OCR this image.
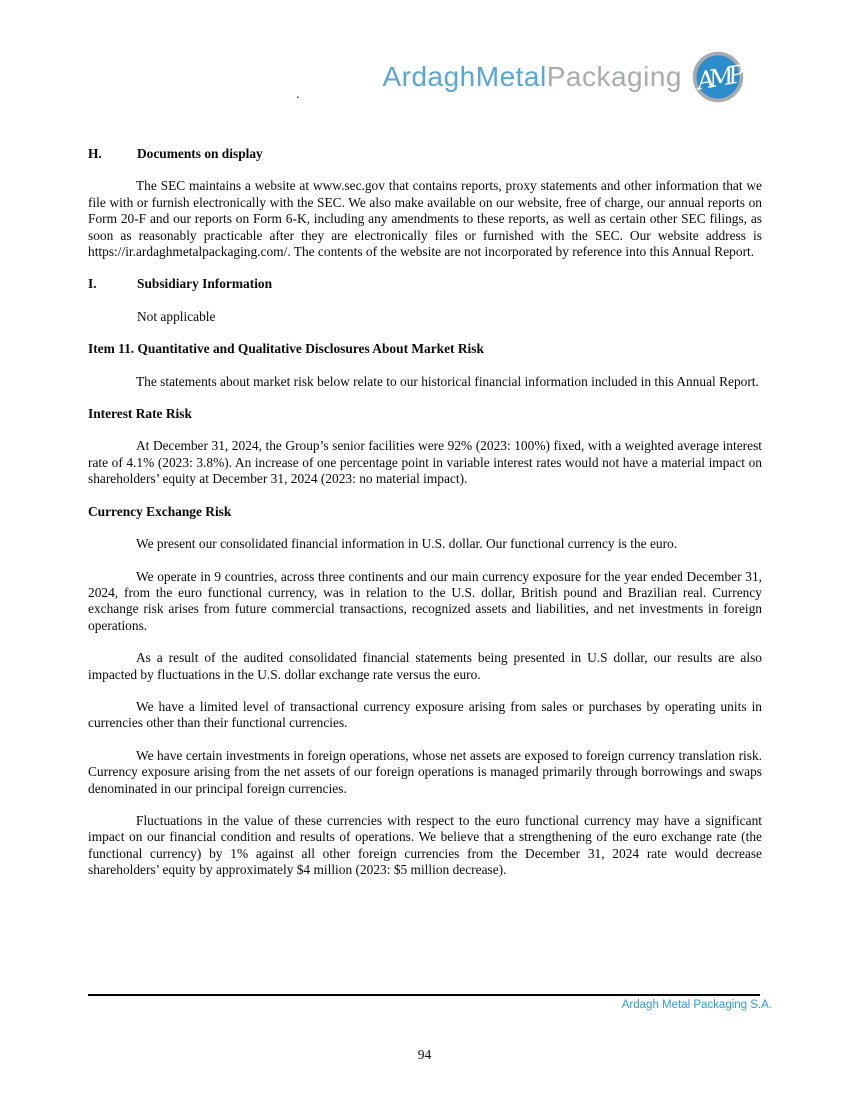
ArdaghMetalPackaging AMP
.
H.	Documents on display

The SEC maintains a website at www.sec.gov that contains reports, proxy statements and other information that we file with or furnish electronically with the SEC. We also make available on our website, free of charge, our annual reports on Form 20-F and our reports on Form 6-K, including any amendments to these reports, as well as certain other SEC filings, as soon as reasonably practicable after they are electronically files or furnished with the SEC. Our website address is https://ir.ardaghmetalpackaging.com/. The contents of the website are not incorporated by reference into this Annual Report.

I.	Subsidiary Information

Not applicable

Item 11. Quantitative and Qualitative Disclosures About Market Risk

The statements about market risk below relate to our historical financial information included in this Annual Report.

Interest Rate Risk

At December 31, 2024, the Group’s senior facilities were 92% (2023: 100%) fixed, with a weighted average interest rate of 4.1% (2023: 3.8%). An increase of one percentage point in variable interest rates would not have a material impact on shareholders’ equity at December 31, 2024 (2023: no material impact).

Currency Exchange Risk

We present our consolidated financial information in U.S. dollar. Our functional currency is the euro.

We operate in 9 countries, across three continents and our main currency exposure for the year ended December 31, 2024, from the euro functional currency, was in relation to the U.S. dollar, British pound and Brazilian real. Currency exchange risk arises from future commercial transactions, recognized assets and liabilities, and net investments in foreign operations.

As a result of the audited consolidated financial statements being presented in U.S dollar, our results are also impacted by fluctuations in the U.S. dollar exchange rate versus the euro.

We have a limited level of transactional currency exposure arising from sales or purchases by operating units in currencies other than their functional currencies.

We have certain investments in foreign operations, whose net assets are exposed to foreign currency translation risk. Currency exposure arising from the net assets of our foreign operations is managed primarily through borrowings and swaps denominated in our principal foreign currencies.

Fluctuations in the value of these currencies with respect to the euro functional currency may have a significant impact on our financial condition and results of operations. We believe that a strengthening of the euro exchange rate (the functional currency) by 1% against all other foreign currencies from the December 31, 2024 rate would decrease shareholders’ equity by approximately $4 million (2023: $5 million decrease).

Ardagh Metal Packaging S.A.
94
